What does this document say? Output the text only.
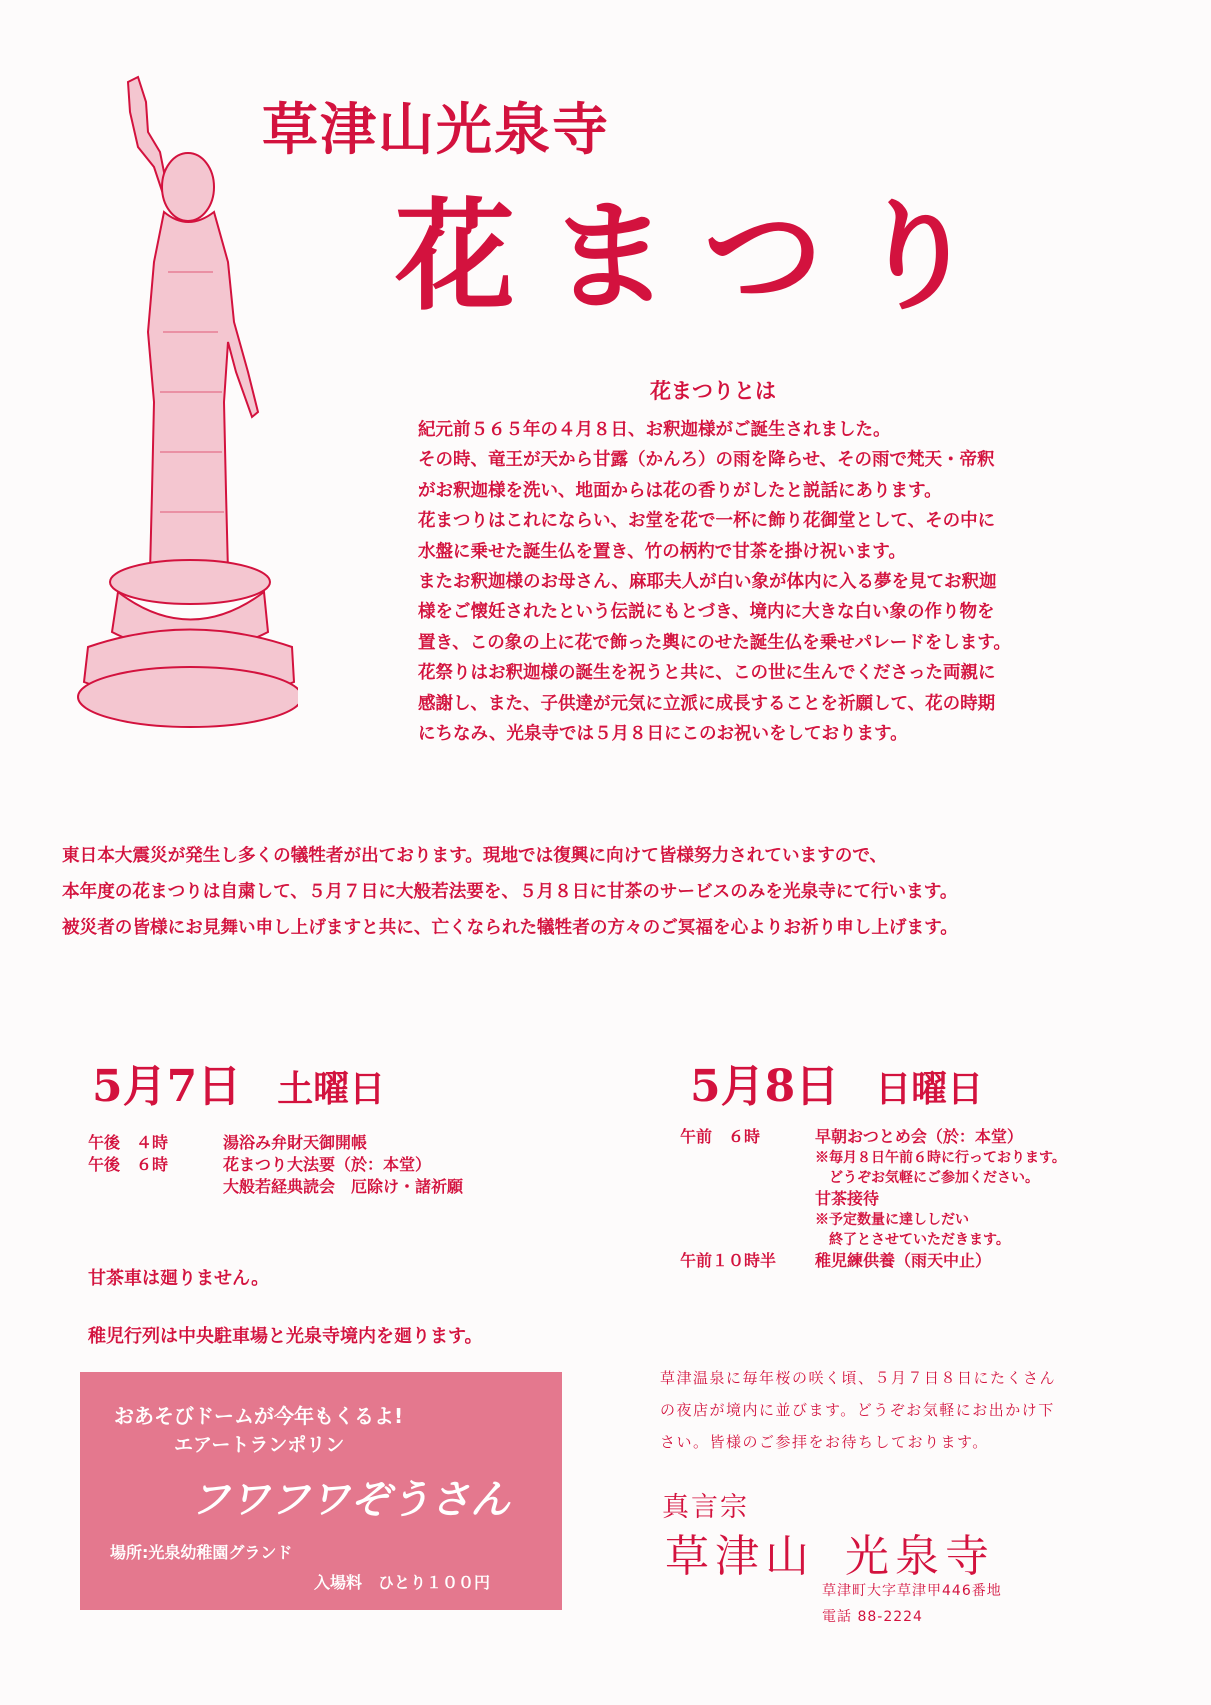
草津山光泉寺
花まつり
花まつりとは

紀元前５６５年の４月８日、お釈迦様がご誕生されました。

その時、竜王が天から甘露（かんろ）の雨を降らせ、その雨で梵天・帝釈

がお釈迦様を洗い、地面からは花の香りがしたと説話にあります。

花まつりはこれにならい、お堂を花で一杯に飾り花御堂として、その中に

水盤に乗せた誕生仏を置き、竹の柄杓で甘茶を掛け祝います。

またお釈迦様のお母さん、麻耶夫人が白い象が体内に入る夢を見てお釈迦

様をご懐妊されたという伝説にもとづき、境内に大きな白い象の作り物を

置き、この象の上に花で飾った輿にのせた誕生仏を乗せパレードをします。

花祭りはお釈迦様の誕生を祝うと共に、この世に生んでくださった両親に

感謝し、また、子供達が元気に立派に成長することを祈願して、花の時期

にちなみ、光泉寺では５月８日にこのお祝いをしております。

東日本大震災が発生し多くの犠牲者が出ております。現地では復興に向けて皆様努力されていますので、

本年度の花まつりは自粛して、５月７日に大般若法要を、５月８日に甘茶のサービスのみを光泉寺にて行います。

被災者の皆様にお見舞い申し上げますと共に、亡くなられた犠牲者の方々のご冥福を心よりお祈り申し上げます。

5月7日 土曜日
午後　４時	湯浴み弁財天御開帳
午後　６時	花まつり大法要（於：本堂）
大般若経典読会　厄除け・諸祈願
5月8日 日曜日
午前　６時	早朝おつとめ会（於：本堂）
※毎月８日午前６時に行っております。
　どうぞお気軽にご参加ください。
甘茶接待
※予定数量に達ししだい
　終了とさせていただきます。
午前１０時半	稚児練供養（雨天中止）
甘茶車は廻りません。
稚児行列は中央駐車場と光泉寺境内を廻ります。
おあそびドームが今年もくるよ!
エアートランポリン
フワフワぞうさん
場所:光泉幼稚園グランド
入場料　ひとり１００円

草津温泉に毎年桜の咲く頃、５月７日８日にたくさん

の夜店が境内に並びます。どうぞお気軽にお出かけ下

さい。皆様のご参拝をお待ちしております。

真言宗
草津山 光泉寺
草津町大字草津甲446番地
電話 88-2224
